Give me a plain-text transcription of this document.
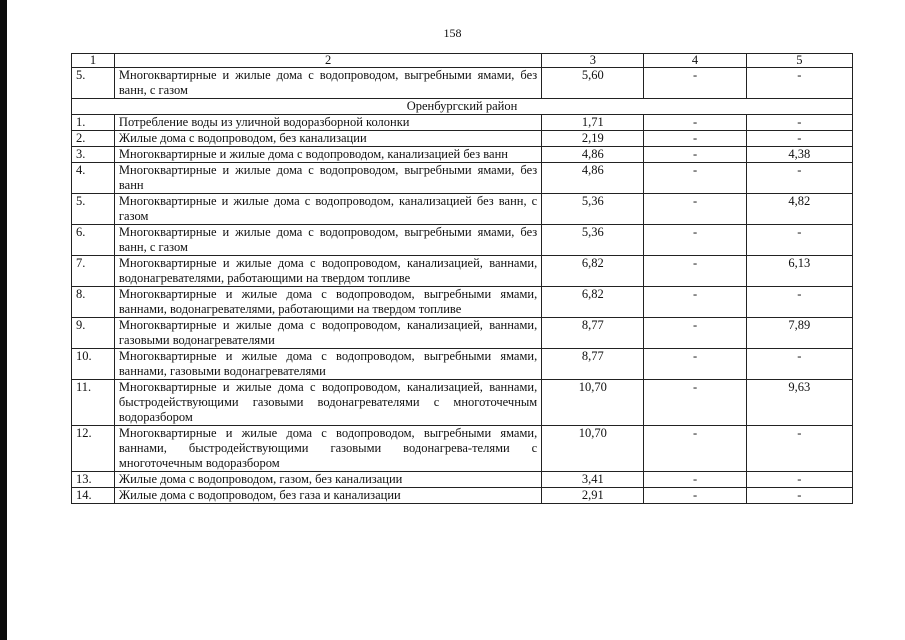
158
1	2	3	4	5
5.	Многоквартирные и жилые дома с водопроводом, выгребными ямами, без ванн, с газом	5,60	-	-
Оренбургский район				
1.	Потребление воды из уличной водоразборной колонки	1,71	-	-
2.	Жилые дома с водопроводом, без канализации	2,19	-	-
3.	Многоквартирные и жилые дома с водопроводом, канализацией без ванн	4,86	-	4,38
4.	Многоквартирные и жилые дома с водопроводом, выгребными ямами, без ванн	4,86	-	-
5.	Многоквартирные и жилые дома с водопроводом, канализацией без ванн, с газом	5,36	-	4,82
6.	Многоквартирные и жилые дома с водопроводом, выгребными ямами, без ванн, с газом	5,36	-	-
7.	Многоквартирные и жилые дома с водопроводом, канализацией, ваннами, водонагревателями, работающими на твердом топливе	6,82	-	6,13
8.	Многоквартирные и жилые дома с водопроводом, выгребными ямами, ваннами, водонагревателями, работающими на твердом топливе	6,82	-	-
9.	Многоквартирные и жилые дома с водопроводом, канализацией, ваннами, газовыми водонагревателями	8,77	-	7,89
10.	Многоквартирные и жилые дома с водопроводом, выгребными ямами, ваннами, газовыми водонагревателями	8,77	-	-
11.	Многоквартирные и жилые дома с водопроводом, канализацией, ваннами, быстродействующими газовыми водонагревателями с многоточечным водоразбором	10,70	-	9,63
12.	Многоквартирные и жилые дома с водопроводом, выгребными ямами, ваннами, быстродействующими газовыми водонагрева-телями с многоточечным водоразбором	10,70	-	-
13.	Жилые дома с водопроводом, газом, без канализации	3,41	-	-
14.	Жилые дома с водопроводом, без газа и канализации	2,91	-	-
